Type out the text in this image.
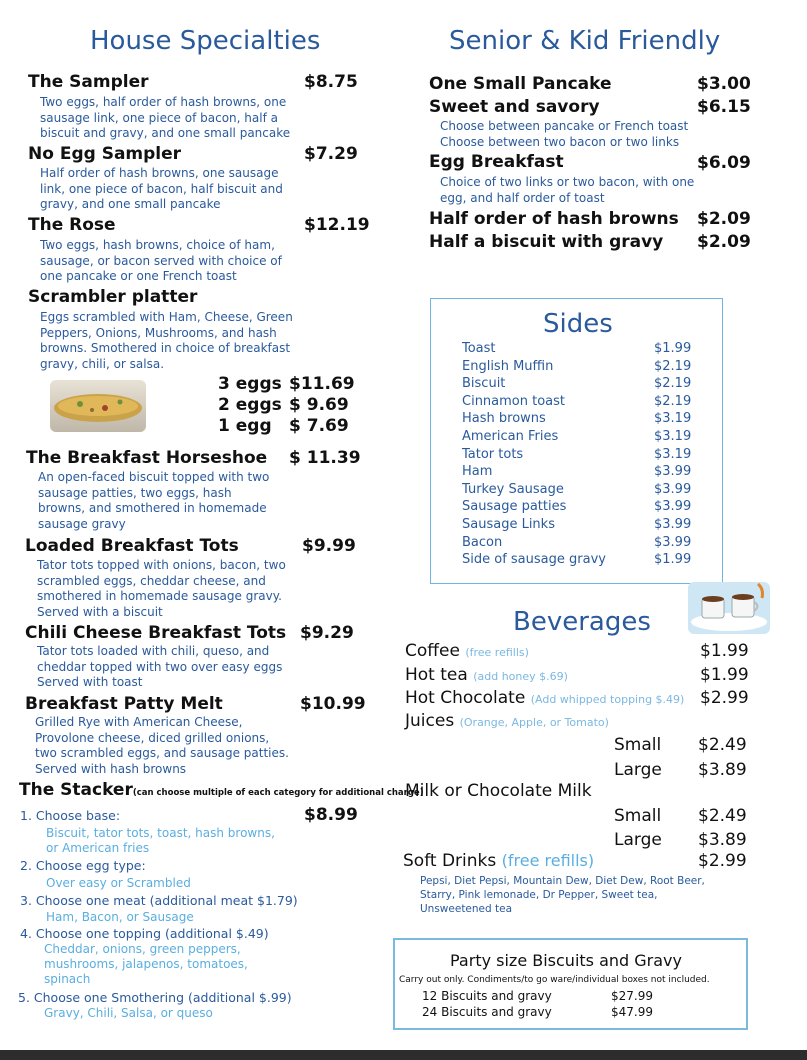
House Specialties
The Sampler	$8.75
Two eggs, half order of hash browns, one sausage link, one piece of bacon, half a biscuit and gravy, and one small pancake
No Egg Sampler	$7.29
Half order of hash browns, one sausage link, one piece of bacon, half biscuit and gravy, and one small pancake
The Rose	$12.19
Two eggs, hash browns, choice of ham, sausage, or bacon served with choice of one pancake or one French toast
Scrambler platter
Eggs scrambled with Ham, Cheese, Green Peppers, Onions, Mushrooms, and hash browns. Smothered in choice of breakfast gravy, chili, or salsa.
3 eggs $11.69
2 eggs $ 9.69
1 egg $ 7.69
The Breakfast Horseshoe $ 11.39
An open-faced biscuit topped with two sausage patties, two eggs, hash browns, and smothered in homemade sausage gravy
Loaded Breakfast Tots	$9.99
Tator tots topped with onions, bacon, two scrambled eggs, cheddar cheese, and smothered in homemade sausage gravy. Served with a biscuit
Chili Cheese Breakfast Tots $9.29
Tator tots loaded with chili, queso, and cheddar topped with two over easy eggs Served with toast
Breakfast Patty Melt	$10.99
Grilled Rye with American Cheese, Provolone cheese, diced grilled onions, two scrambled eggs, and sausage patties. Served with hash browns
The Stacker(can choose multiple of each category for additional charge)
$8.99
1. Choose base:
Biscuit, tator tots, toast, hash browns, or American fries
2. Choose egg type:
Over easy or Scrambled
3. Choose one meat (additional meat $1.79)
Ham, Bacon, or Sausage
4. Choose one topping (additional $.49)
Cheddar, onions, green peppers, mushrooms, jalapenos, tomatoes, spinach
5. Choose one Smothering (additional $.99)
Gravy, Chili, Salsa, or queso
Senior & Kid Friendly
One Small Pancake	$3.00
Sweet and savory	$6.15
Choose between pancake or French toast
Choose between two bacon or two links
Egg Breakfast	$6.09
Choice of two links or two bacon, with one egg, and half order of toast
Half order of hash browns $2.09
Half a biscuit with gravy $2.09
Sides
Toast	$1.99
English Muffin	$2.19
Biscuit	$2.19
Cinnamon toast	$2.19
Hash browns	$3.19
American Fries	$3.19
Tator tots	$3.19
Ham	$3.99
Turkey Sausage	$3.99
Sausage patties	$3.99
Sausage Links	$3.99
Bacon	$3.99
Side of sausage gravy	$1.99
Beverages
Coffee (free refills)	$1.99
Hot tea (add honey $.69)	$1.99
Hot Chocolate (Add whipped topping $.49) $2.99
Juices (Orange, Apple, or Tomato)
Small $2.49
Large $3.89
Milk or Chocolate Milk
Small $2.49
Large $3.89
Soft Drinks (free refills)	$2.99
Pepsi, Diet Pepsi, Mountain Dew, Diet Dew, Root Beer, Starry, Pink lemonade, Dr Pepper, Sweet tea, Unsweetened tea
Party size Biscuits and Gravy
Carry out only. Condiments/to go ware/individual boxes not included.
12 Biscuits and gravy	$27.99
24 Biscuits and gravy	$47.99
